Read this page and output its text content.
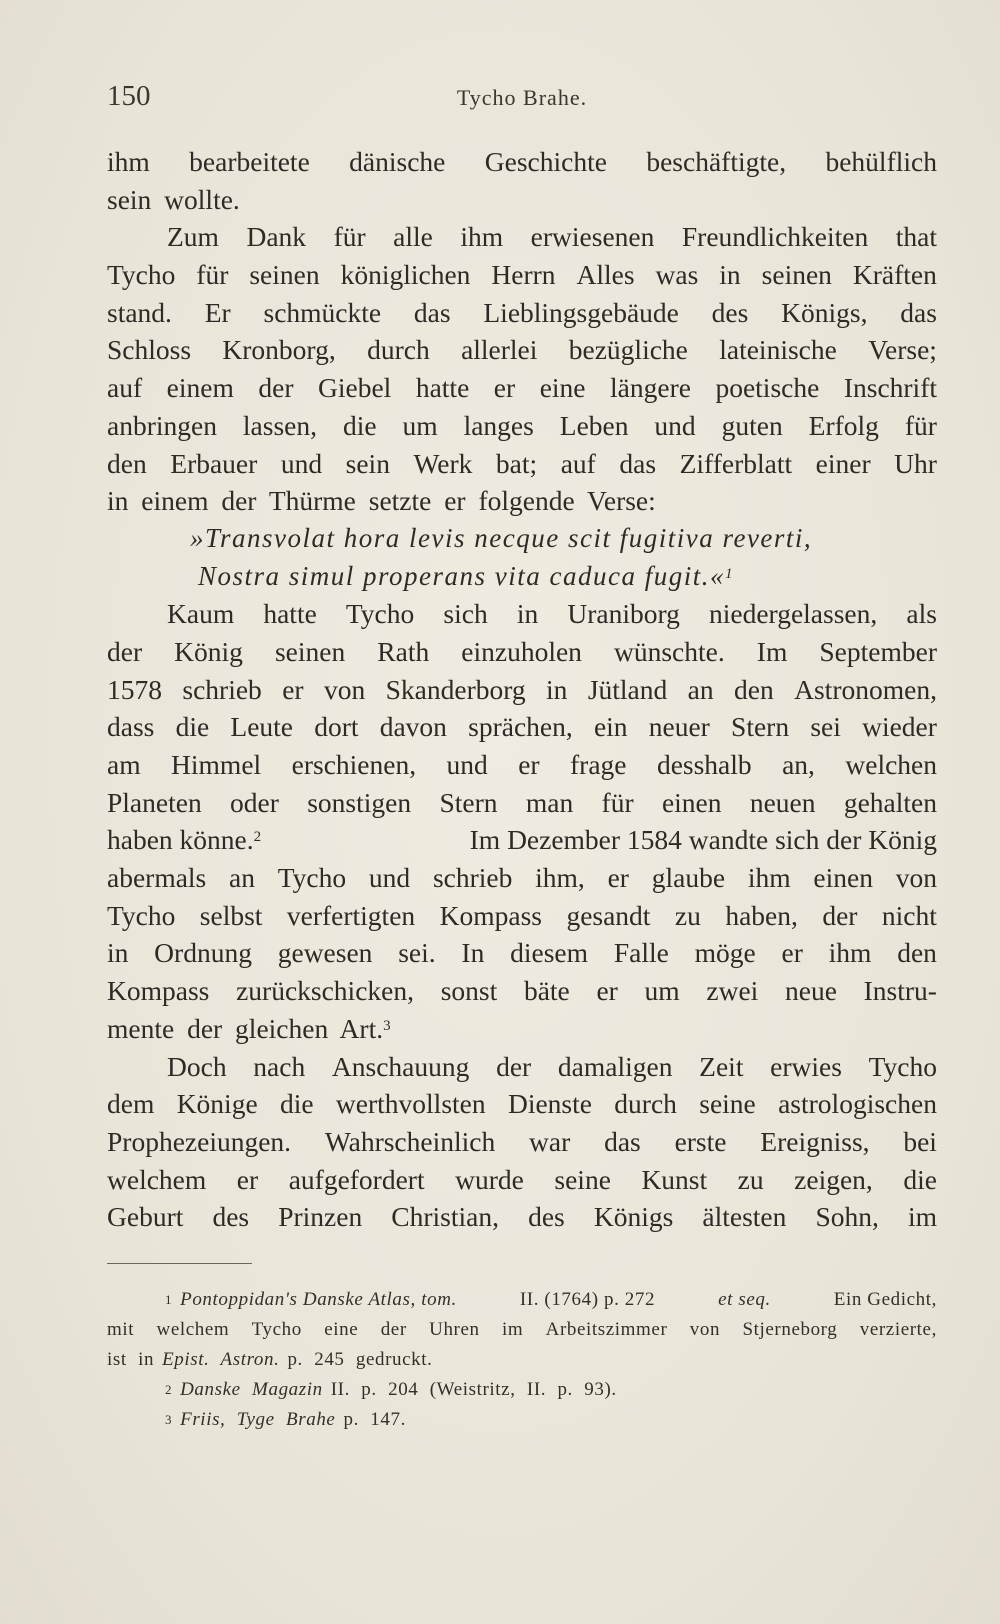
150	Tycho Brahe.
ihm bearbeitete dänische Geschichte beschäftigte, behülflich
sein wollte.
Zum Dank für alle ihm erwiesenen Freundlichkeiten that
Tycho für seinen königlichen Herrn Alles was in seinen Kräften
stand. Er schmückte das Lieblingsgebäude des Königs, das
Schloss Kronborg, durch allerlei bezügliche lateinische Verse;
auf einem der Giebel hatte er eine längere poetische Inschrift
anbringen lassen, die um langes Leben und guten Erfolg für
den Erbauer und sein Werk bat; auf das Zifferblatt einer Uhr
in einem der Thürme setzte er folgende Verse:
»Transvolat hora levis necque scit fugitiva reverti,
Nostra simul properans vita caduca fugit.«$^1$
Kaum hatte Tycho sich in Uraniborg niedergelassen, als
der König seinen Rath einzuholen wünschte. Im September
1578 schrieb er von Skanderborg in Jütland an den Astronomen,
dass die Leute dort davon sprächen, ein neuer Stern sei wieder
am Himmel erschienen, und er frage desshalb an, welchen
Planeten oder sonstigen Stern man für einen neuen gehalten
haben könne.$^2$	Im Dezember 1584 wandte sich der König
abermals an Tycho und schrieb ihm, er glaube ihm einen von
Tycho selbst verfertigten Kompass gesandt zu haben, der nicht
in Ordnung gewesen sei. In diesem Falle möge er ihm den
Kompass zurückschicken, sonst bäte er um zwei neue Instru-
mente der gleichen Art.$^3$
Doch nach Anschauung der damaligen Zeit erwies Tycho
dem Könige die werthvollsten Dienste durch seine astrologischen
Prophezeiungen. Wahrscheinlich war das erste Ereigniss, bei
welchem er aufgefordert wurde seine Kunst zu zeigen, die
Geburt des Prinzen Christian, des Königs ältesten Sohn, im
$^1$ Pontoppidan's Danske Atlas, tom.	II. (1764) p. 272	et seq.	Ein Gedicht,
mit welchem Tycho eine der Uhren im Arbeitszimmer von Stjerneborg verzierte,
ist in Epist. Astron. p. 245 gedruckt.
2 Danske Magazin II. p. 204 (Weistritz, II. p. 93).
3 Friis, Tyge Brahe p. 147.
